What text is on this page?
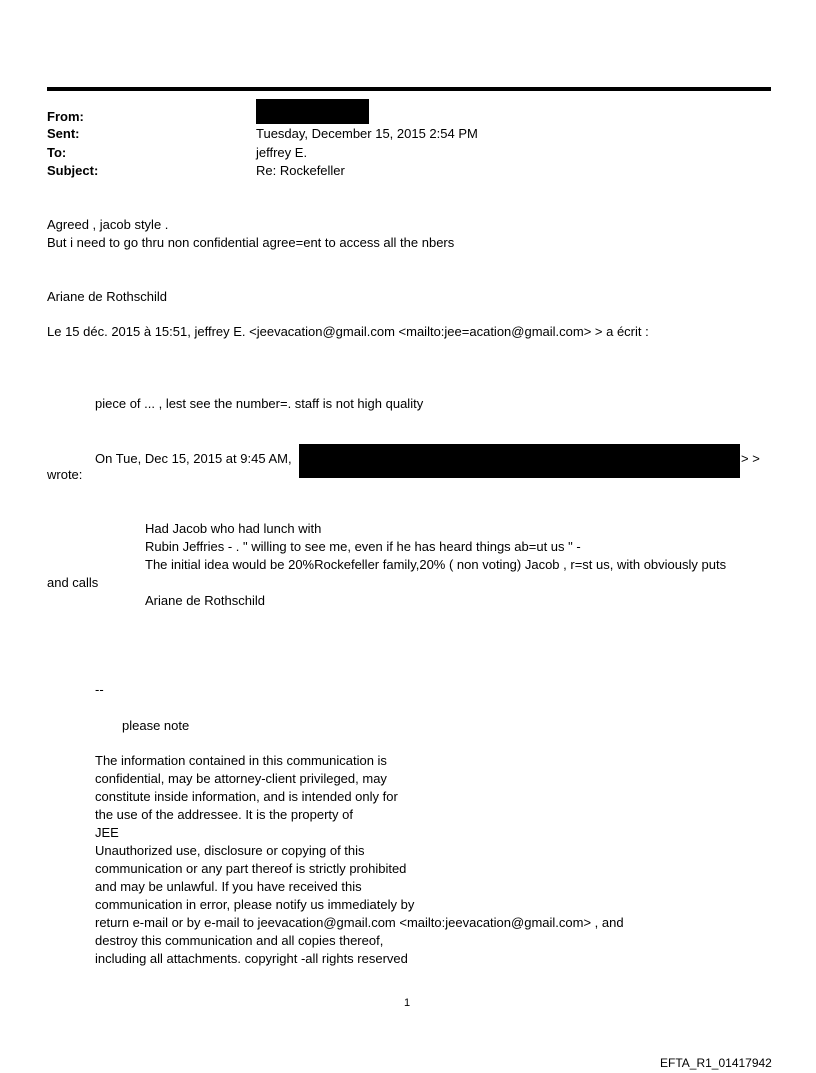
From:
Sent:
To:
Subject:
Tuesday, December 15, 2015 2:54 PM
jeffrey E.
Re: Rockefeller
Agreed , jacob style .
But i need to go thru non confidential agree=ent to access all the nbers
Ariane de Rothschild
Le 15 déc. 2015 à 15:51, jeffrey E. <jeevacation@gmail.com <mailto:jee=acation@gmail.com> > a écrit :
piece of ... , lest see the number=. staff is not high quality
On Tue, Dec 15, 2015 at 9:45 AM,	> >
wrote:
Had Jacob who had lunch with
Rubin Jeffries - . " willing to see me, even if he has heard things ab=ut us " -
The initial idea would be 20%Rockefeller family,20% ( non voting) Jacob , r=st us, with obviously puts
and calls
Ariane de Rothschild
--
please note
The information contained in this communication is
confidential, may be attorney-client privileged, may
constitute inside information, and is intended only for
the use of the addressee. It is the property of
JEE
Unauthorized use, disclosure or copying of this
communication or any part thereof is strictly prohibited
and may be unlawful. If you have received this
communication in error, please notify us immediately by
return e-mail or by e-mail to jeevacation@gmail.com <mailto:jeevacation@gmail.com> , and
destroy this communication and all copies thereof,
including all attachments. copyright -all rights reserved
1
EFTA_R1_01417942
